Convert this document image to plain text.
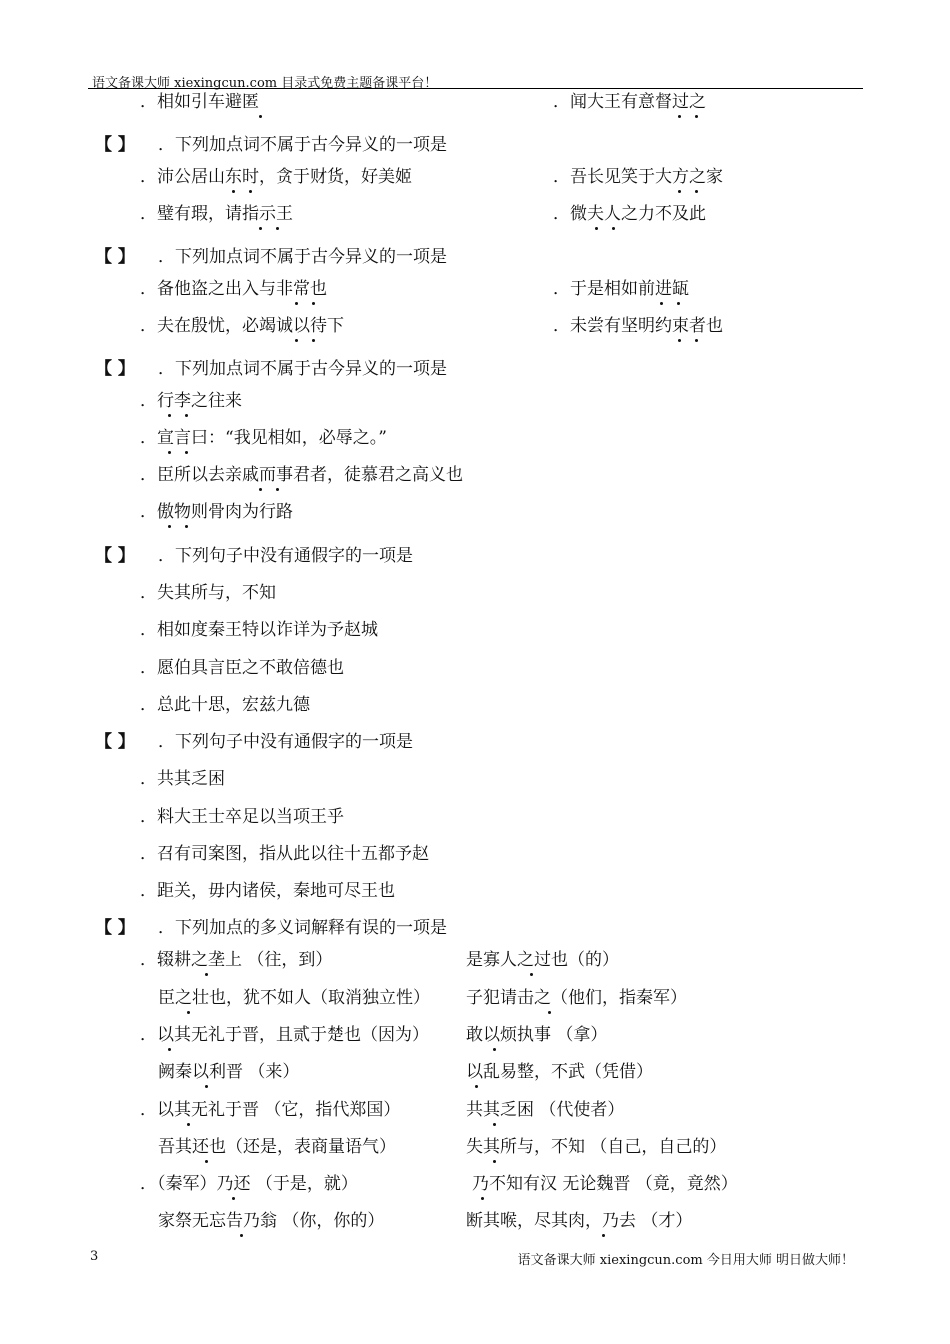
语文备课大师 xiexingcun.com 目录式免费主题备课平台！
．相如引车避匿	．闻大王有意督过之
【 】 ．下列加点词不属于古今异义的一项是
．沛公居山东时，贪于财货，好美姬	．吾长见笑于大方之家
．璧有瑕，请指示王	．微夫人之力不及此
【 】 ．下列加点词不属于古今异义的一项是
．备他盗之出入与非常也	．于是相如前进缻
．夫在殷忧，必竭诚以待下	．未尝有坚明约束者也
【 】 ．下列加点词不属于古今异义的一项是
．行李之往来
．宣言曰：“我见相如，必辱之。”
．臣所以去亲戚而事君者，徒慕君之高义也
．傲物则骨肉为行路
【 】 ．下列句子中没有通假字的一项是
．失其所与，不知
．相如度秦王特以诈详为予赵城
．愿伯具言臣之不敢倍德也
．总此十思，宏兹九德
【 】 ．下列句子中没有通假字的一项是
．共其乏困
．料大王士卒足以当项王乎
．召有司案图，指从此以往十五都予赵
．距关，毋内诸侯，秦地可尽王也
【 】 ．下列加点的多义词解释有误的一项是
．辍耕之垄上 （往，到）	是寡人之过也（的）
臣之壮也，犹不如人（取消独立性） 子犯请击之（他们，指秦军）
．以其无礼于晋，且贰于楚也（因为） 敢以烦执事 （拿）
阙秦以利晋 （来）	以乱易整，不武（凭借）
．以其无礼于晋 （它，指代郑国）	共其乏困 （代使者）
吾其还也（还是，表商量语气）	失其所与，不知 （自己，自己的）
．（秦军）乃还 （于是，就）	乃不知有汉 无论魏晋 （竟，竟然）
家祭无忘告乃翁 （你，你的）	断其喉，尽其肉，乃去 （才）
3	语文备课大师 xiexingcun.com 今日用大师 明日做大师！
